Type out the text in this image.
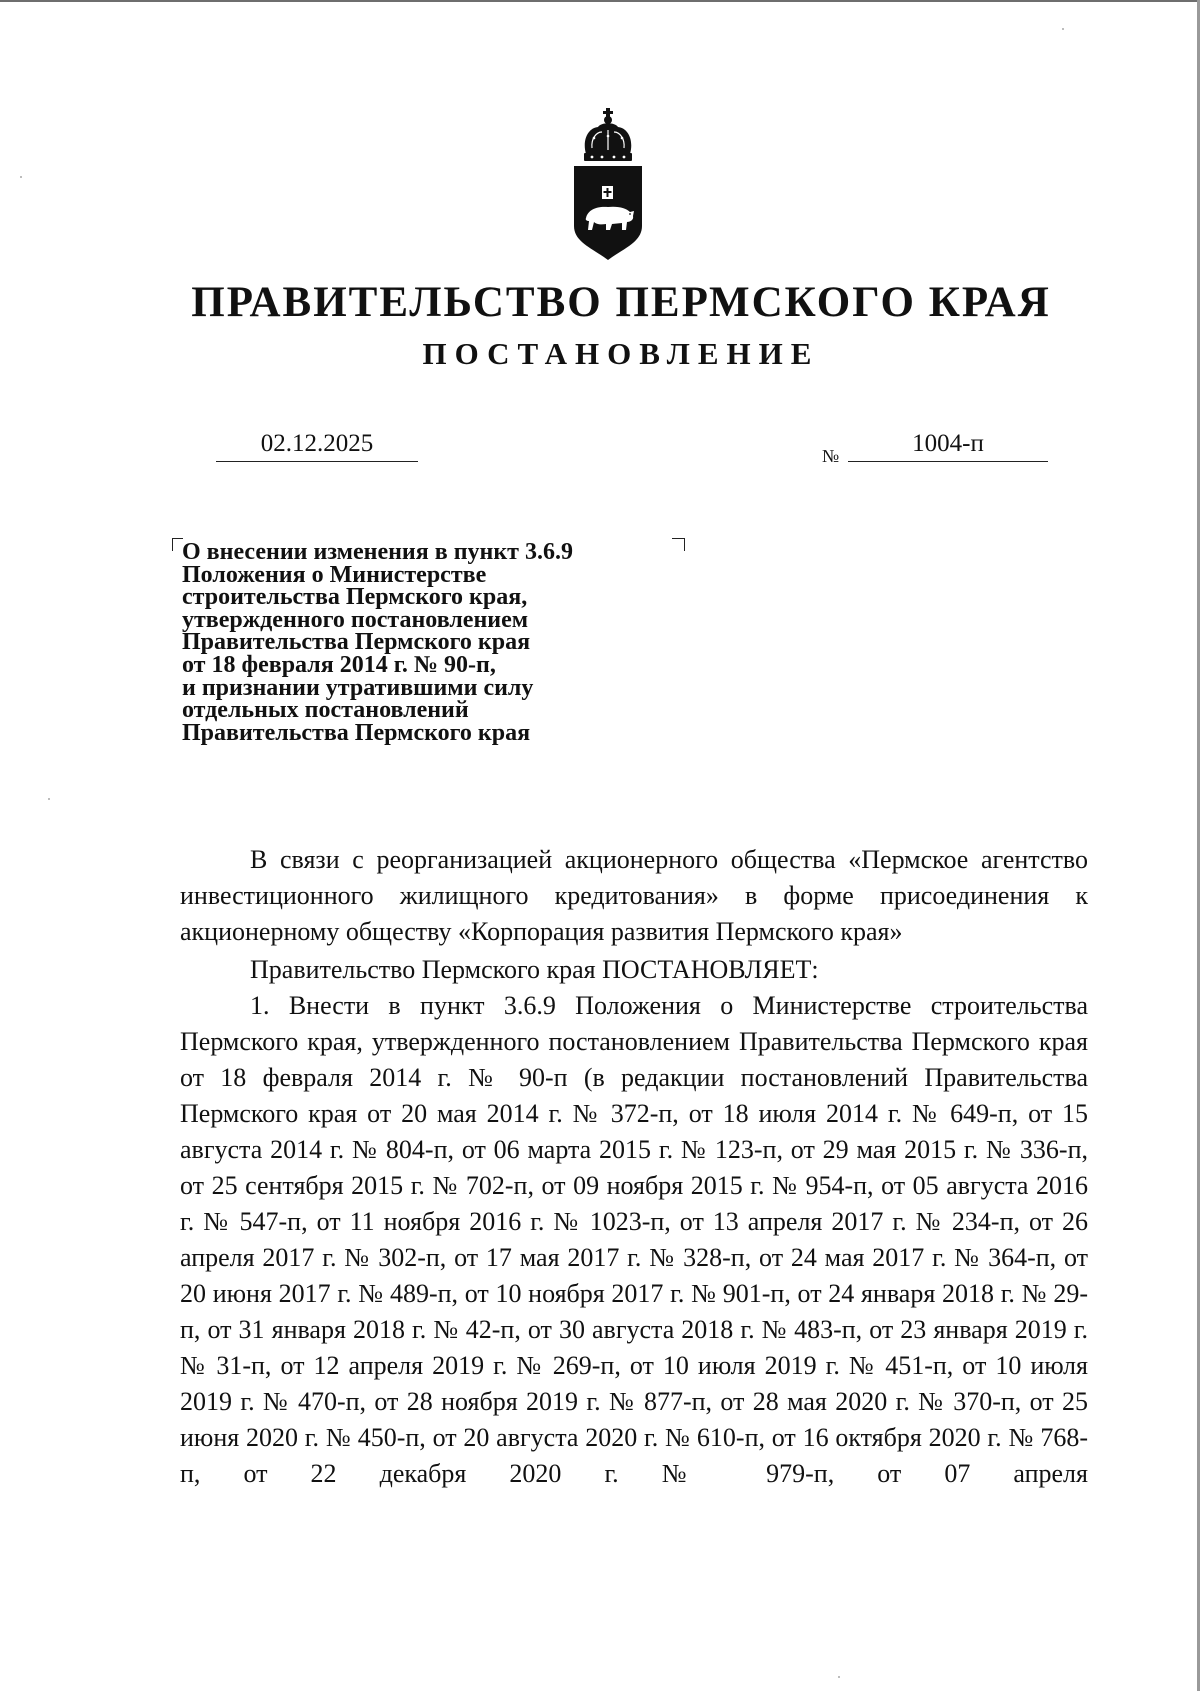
ПРАВИТЕЛЬСТВО ПЕРМСКОГО КРАЯ
ПОСТАНОВЛЕНИЕ
02.12.2025	№	1004-п
О внесении изменения в пункт 3.6.9
Положения о Министерстве
строительства Пермского края,
утвержденного постановлением
Правительства Пермского края
от 18 февраля 2014 г. № 90-п,
и признании утратившими силу
отдельных постановлений
Правительства Пермского края

В связи с реорганизацией акционерного общества «Пермское агентство инвестиционного жилищного кредитования» в форме присоединения к акционерному обществу «Корпорация развития Пермского края»

Правительство Пермского края ПОСТАНОВЛЯЕТ:

1. Внести в пункт 3.6.9 Положения о Министерстве строительства Пермского края, утвержденного постановлением Правительства Пермского края от 18 февраля 2014 г. № 90-п (в редакции постановлений Правительства Пермского края от 20 мая 2014 г. № 372-п, от 18 июля 2014 г. № 649-п, от 15 августа 2014 г. № 804-п, от 06 марта 2015 г. № 123-п, от 29 мая 2015 г. № 336-п, от 25 сентября 2015 г. № 702-п, от 09 ноября 2015 г. № 954-п, от 05 августа 2016 г. № 547-п, от 11 ноября 2016 г. № 1023-п, от 13 апреля 2017 г. № 234-п, от 26 апреля 2017 г. № 302-п, от 17 мая 2017 г. № 328-п, от 24 мая 2017 г. № 364-п, от 20 июня 2017 г. № 489-п, от 10 ноября 2017 г. № 901-п, от 24 января 2018 г. № 29-п, от 31 января 2018 г. № 42-п, от 30 августа 2018 г. № 483-п, от 23 января 2019 г. № 31-п, от 12 апреля 2019 г. № 269-п, от 10 июля 2019 г. № 451-п, от 10 июля 2019 г. № 470-п, от 28 ноября 2019 г. № 877-п, от 28 мая 2020 г. № 370-п, от 25 июня 2020 г. № 450-п, от 20 августа 2020 г. № 610-п, от 16 октября 2020 г. № 768-п, от 22 декабря 2020 г. № 979-п, от 07 апреля
